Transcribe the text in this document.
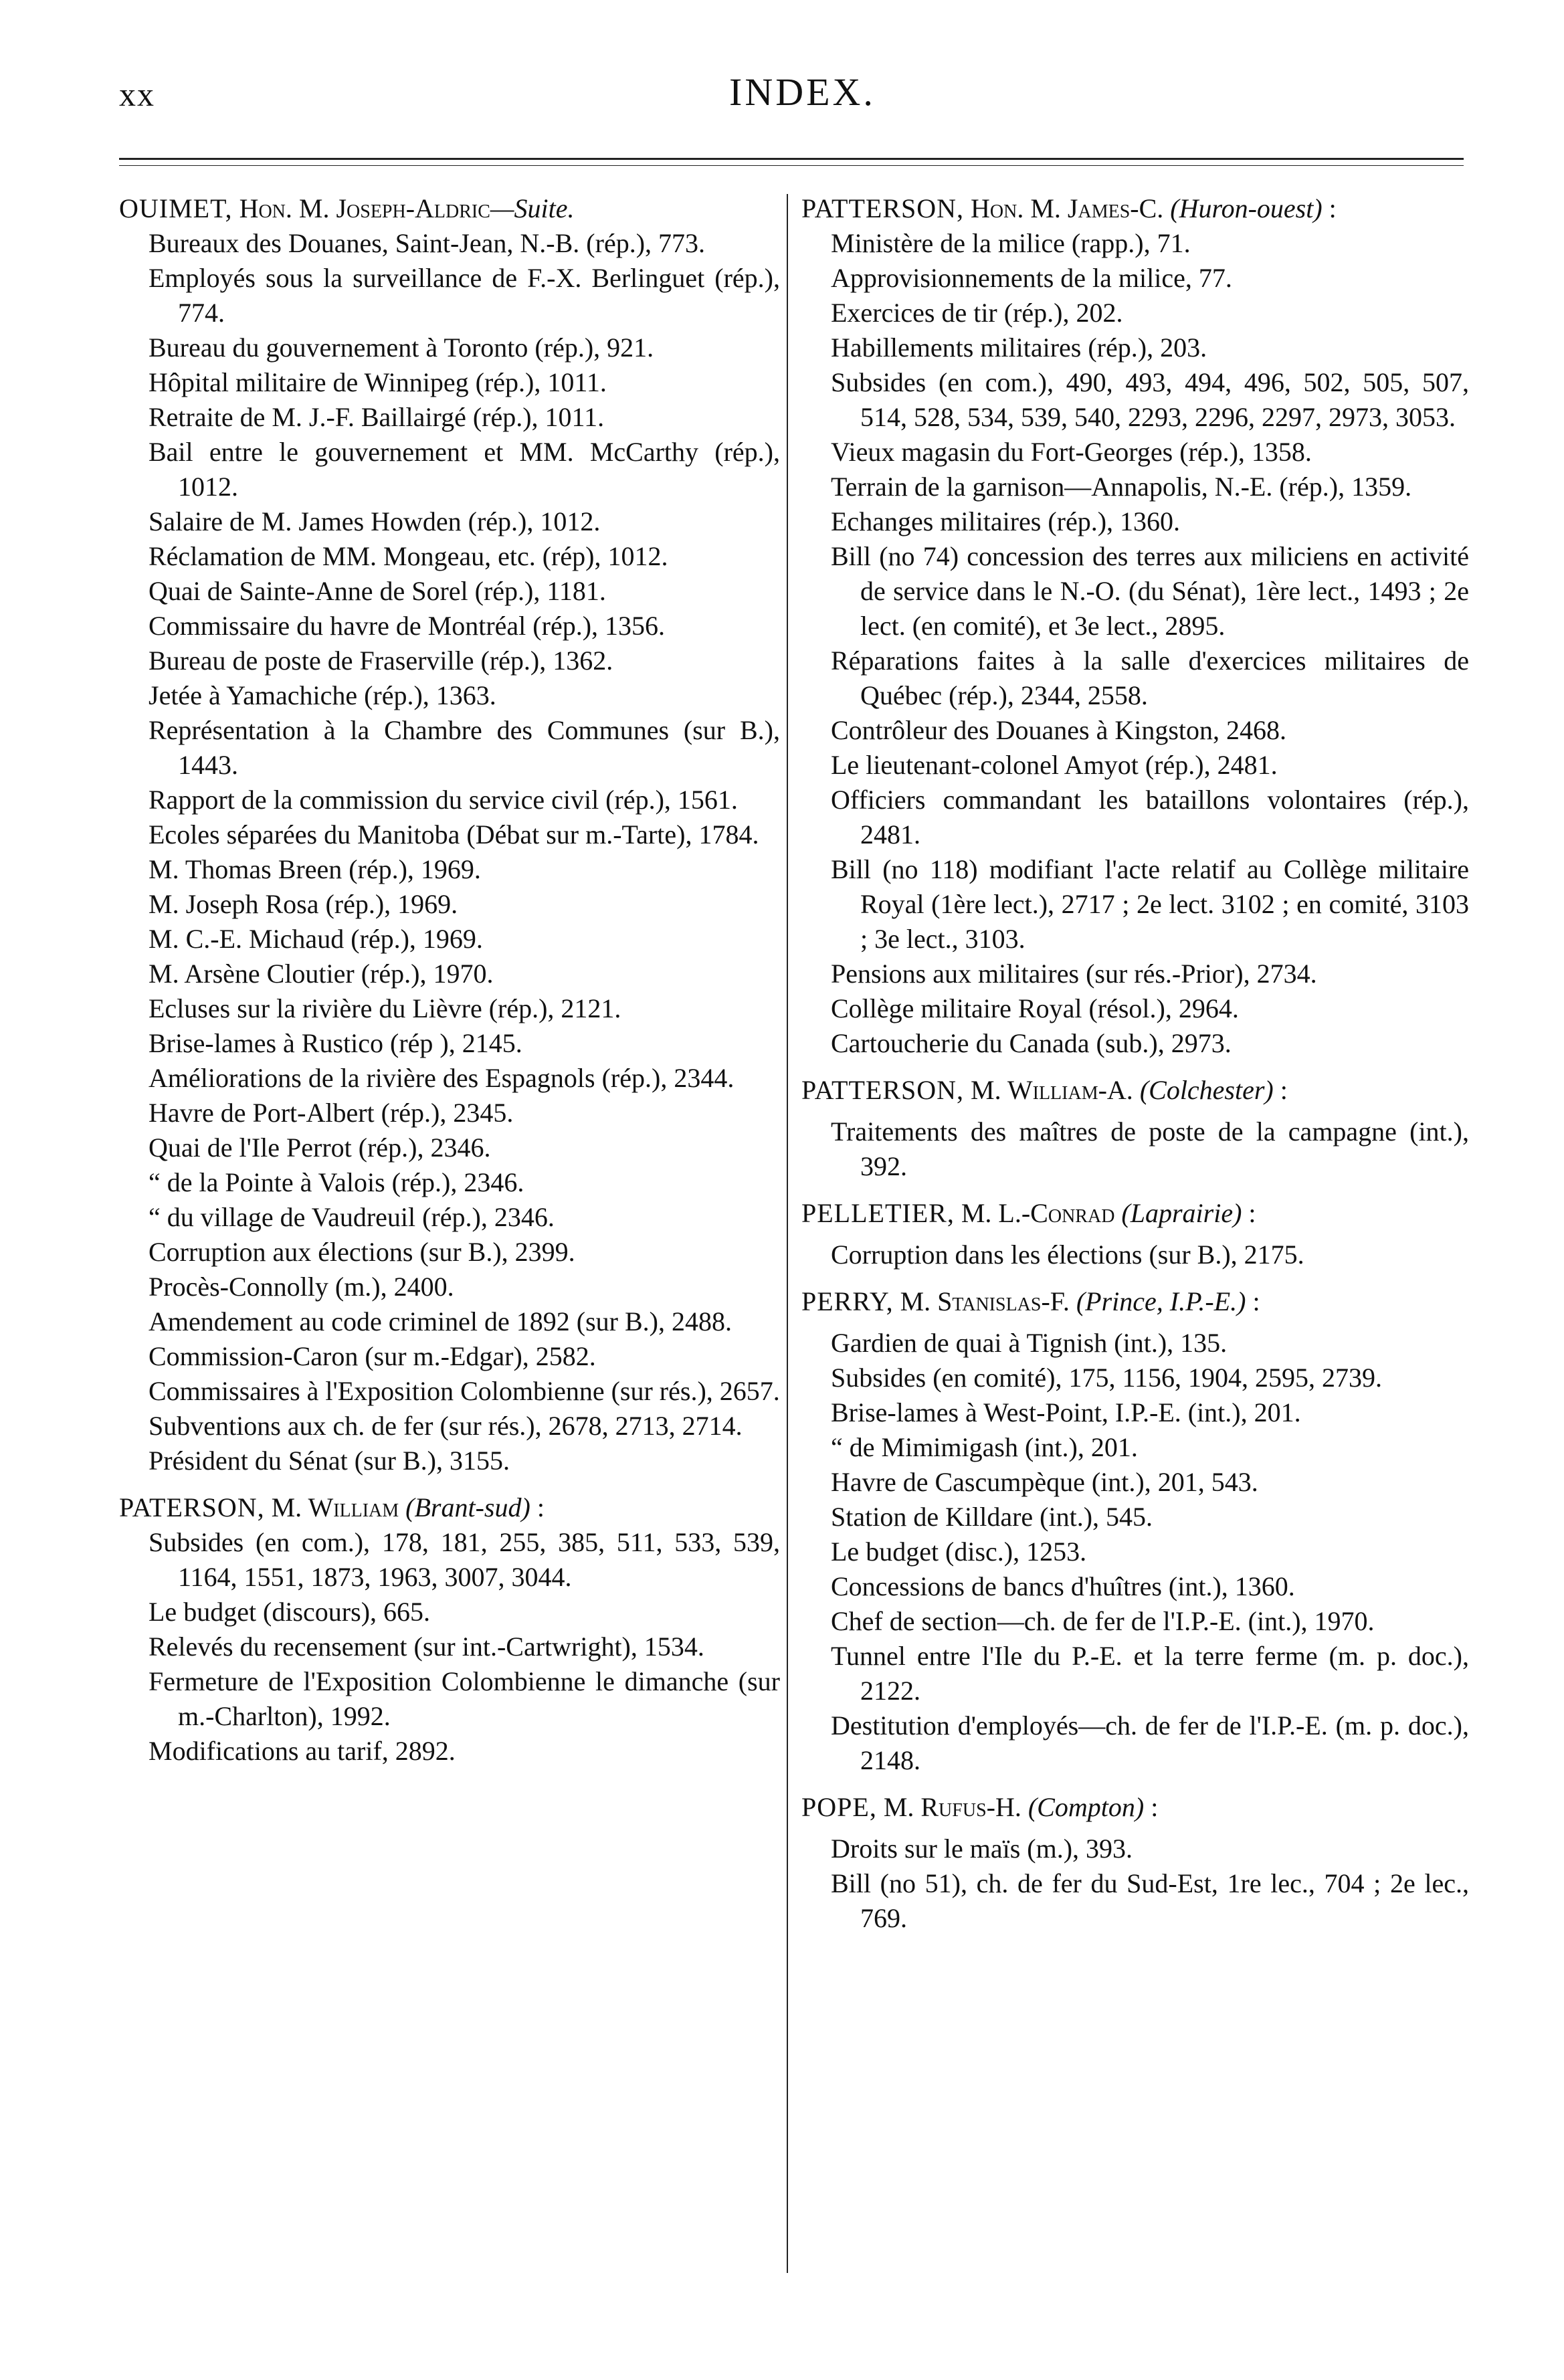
xx	INDEX.
OUIMET, Hon. M. Joseph-Aldric—Suite.
Bureaux des Douanes, Saint-Jean, N.-B. (rép.), 773.
Employés sous la surveillance de F.-X. Berlinguet (rép.), 774.
Bureau du gouvernement à Toronto (rép.), 921.
Hôpital militaire de Winnipeg (rép.), 1011.
Retraite de M. J.-F. Baillairgé (rép.), 1011.
Bail entre le gouvernement et MM. McCarthy (rép.), 1012.
Salaire de M. James Howden (rép.), 1012.
Réclamation de MM. Mongeau, etc. (rép), 1012.
Quai de Sainte-Anne de Sorel (rép.), 1181.
Commissaire du havre de Montréal (rép.), 1356.
Bureau de poste de Fraserville (rép.), 1362.
Jetée à Yamachiche (rép.), 1363.
Représentation à la Chambre des Communes (sur B.), 1443.
Rapport de la commission du service civil (rép.), 1561.
Ecoles séparées du Manitoba (Débat sur m.-Tarte), 1784.
M. Thomas Breen (rép.), 1969.
M. Joseph Rosa (rép.), 1969.
M. C.-E. Michaud (rép.), 1969.
M. Arsène Cloutier (rép.), 1970.
Ecluses sur la rivière du Lièvre (rép.), 2121.
Brise-lames à Rustico (rép ), 2145.
Améliorations de la rivière des Espagnols (rép.), 2344.
Havre de Port-Albert (rép.), 2345.
Quai de l'Ile Perrot (rép.), 2346.
“ de la Pointe à Valois (rép.), 2346.
“ du village de Vaudreuil (rép.), 2346.
Corruption aux élections (sur B.), 2399.
Procès-Connolly (m.), 2400.
Amendement au code criminel de 1892 (sur B.), 2488.
Commission-Caron (sur m.-Edgar), 2582.
Commissaires à l'Exposition Colombienne (sur rés.), 2657.
Subventions aux ch. de fer (sur rés.), 2678, 2713, 2714.
Président du Sénat (sur B.), 3155.
PATERSON, M. William (Brant-sud) :
Subsides (en com.), 178, 181, 255, 385, 511, 533, 539, 1164, 1551, 1873, 1963, 3007, 3044.
Le budget (discours), 665.
Relevés du recensement (sur int.-Cartwright), 1534.
Fermeture de l'Exposition Colombienne le dimanche (sur m.-Charlton), 1992.
Modifications au tarif, 2892.
PATTERSON, Hon. M. James-C. (Huron-ouest) :
Ministère de la milice (rapp.), 71.
Approvisionnements de la milice, 77.
Exercices de tir (rép.), 202.
Habillements militaires (rép.), 203.
Subsides (en com.), 490, 493, 494, 496, 502, 505, 507, 514, 528, 534, 539, 540, 2293, 2296, 2297, 2973, 3053.
Vieux magasin du Fort-Georges (rép.), 1358.
Terrain de la garnison—Annapolis, N.-E. (rép.), 1359.
Echanges militaires (rép.), 1360.
Bill (no 74) concession des terres aux miliciens en activité de service dans le N.-O. (du Sénat), 1ère lect., 1493 ; 2e lect. (en comité), et 3e lect., 2895.
Réparations faites à la salle d'exercices militaires de Québec (rép.), 2344, 2558.
Contrôleur des Douanes à Kingston, 2468.
Le lieutenant-colonel Amyot (rép.), 2481.
Officiers commandant les bataillons volontaires (rép.), 2481.
Bill (no 118) modifiant l'acte relatif au Collège militaire Royal (1ère lect.), 2717 ; 2e lect. 3102 ; en comité, 3103 ; 3e lect., 3103.
Pensions aux militaires (sur rés.-Prior), 2734.
Collège militaire Royal (résol.), 2964.
Cartoucherie du Canada (sub.), 2973.
PATTERSON, M. William-A. (Colchester) :
Traitements des maîtres de poste de la campagne (int.), 392.
PELLETIER, M. L.-Conrad (Laprairie) :
Corruption dans les élections (sur B.), 2175.
PERRY, M. Stanislas-F. (Prince, I.P.-E.) :
Gardien de quai à Tignish (int.), 135.
Subsides (en comité), 175, 1156, 1904, 2595, 2739.
Brise-lames à West-Point, I.P.-E. (int.), 201.
“ de Mimimigash (int.), 201.
Havre de Cascumpèque (int.), 201, 543.
Station de Killdare (int.), 545.
Le budget (disc.), 1253.
Concessions de bancs d'huîtres (int.), 1360.
Chef de section—ch. de fer de l'I.P.-E. (int.), 1970.
Tunnel entre l'Ile du P.-E. et la terre ferme (m. p. doc.), 2122.
Destitution d'employés—ch. de fer de l'I.P.-E. (m. p. doc.), 2148.
POPE, M. Rufus-H. (Compton) :
Droits sur le maïs (m.), 393.
Bill (no 51), ch. de fer du Sud-Est, 1re lec., 704 ; 2e lec., 769.
